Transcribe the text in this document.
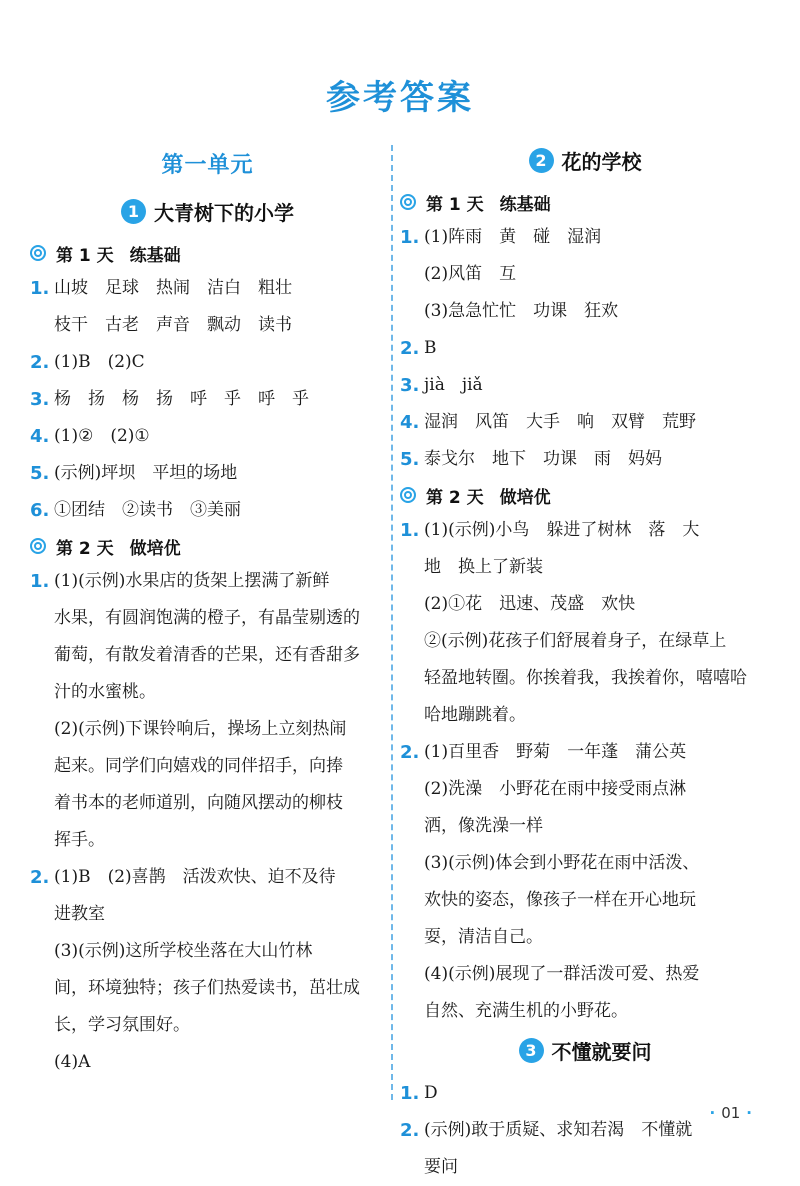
参考答案
第一单元
1 大青树下的小学
第 1 天 练基础
1. 山坡　足球　热闹　洁白　粗壮
枝干　古老　声音　飘动　读书
2. (1)B　(2)C
3. 杨　扬　杨　扬　呼　乎　呼　乎
4. (1)②　(2)①
5. (示例)坪坝　平坦的场地
6. ①团结　②读书　③美丽
第 2 天 做培优
1. (1)(示例)水果店的货架上摆满了新鲜
水果，有圆润饱满的橙子，有晶莹剔透的
葡萄，有散发着清香的芒果，还有香甜多
汁的水蜜桃。
(2)(示例)下课铃响后，操场上立刻热闹
起来。同学们向嬉戏的同伴招手，向捧
着书本的老师道别，向随风摆动的柳枝
挥手。
2. (1)B　(2)喜鹊　活泼欢快、迫不及待
进教室
(3)(示例)这所学校坐落在大山竹林
间，环境独特；孩子们热爱读书，茁壮成
长，学习氛围好。
(4)A
2 花的学校
第 1 天 练基础
1. (1)阵雨　黄　碰　湿润
(2)风笛　互
(3)急急忙忙　功课　狂欢
2. B
3. jià　jiǎ
4. 湿润　风笛　大手　响　双臂　荒野
5. 泰戈尔　地下　功课　雨　妈妈
第 2 天 做培优
1. (1)(示例)小鸟　躲进了树林　落　大
地　换上了新装
(2)①花　迅速、茂盛　欢快
②(示例)花孩子们舒展着身子，在绿草上
轻盈地转圈。你挨着我，我挨着你，嘻嘻哈
哈地蹦跳着。
2. (1)百里香　野菊　一年蓬　蒲公英
(2)洗澡　小野花在雨中接受雨点淋
洒，像洗澡一样
(3)(示例)体会到小野花在雨中活泼、
欢快的姿态，像孩子一样在开心地玩
耍，清洁自己。
(4)(示例)展现了一群活泼可爱、热爱
自然、充满生机的小野花。
3 不懂就要问
1. D
2. (示例)敢于质疑、求知若渴　不懂就
要问
· 01 ·
